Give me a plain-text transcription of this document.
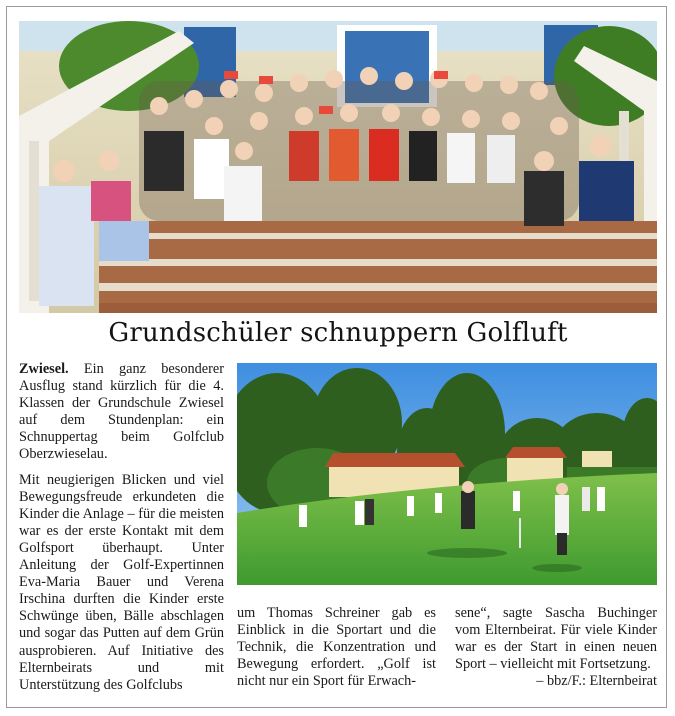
Grundschüler schnuppern Golfluft

Zwiesel. Ein ganz besonderer Ausflug stand kürzlich für die 4. Klassen der Grundschule Zwiesel auf dem Stundenplan: ein Schnuppertag beim Golfclub Oberzwieselau.

Mit neugierigen Blicken und viel Bewegungsfreude erkundeten die Kinder die Anlage – für die meisten war es der erste Kontakt mit dem Golfsport überhaupt. Unter Anleitung der Golf-Expertinnen Eva-Maria Bauer und Verena Irschina durften die Kinder erste Schwünge üben, Bälle abschlagen und sogar das Putten auf dem Grün ausprobieren. Auf Initiative des Elternbeirats und mit Unterstützung des Golfclubs

um Thomas Schreiner gab es Einblick in die Sportart und die Technik, die Konzentration und Bewegung erfordert. „Golf ist nicht nur ein Sport für Erwach-

sene“, sagte Sascha Buchinger vom Elternbeirat. Für viele Kinder war es der Start in einen neuen Sport – vielleicht mit Fortsetzung.
– bbz/F.: Elternbeirat
